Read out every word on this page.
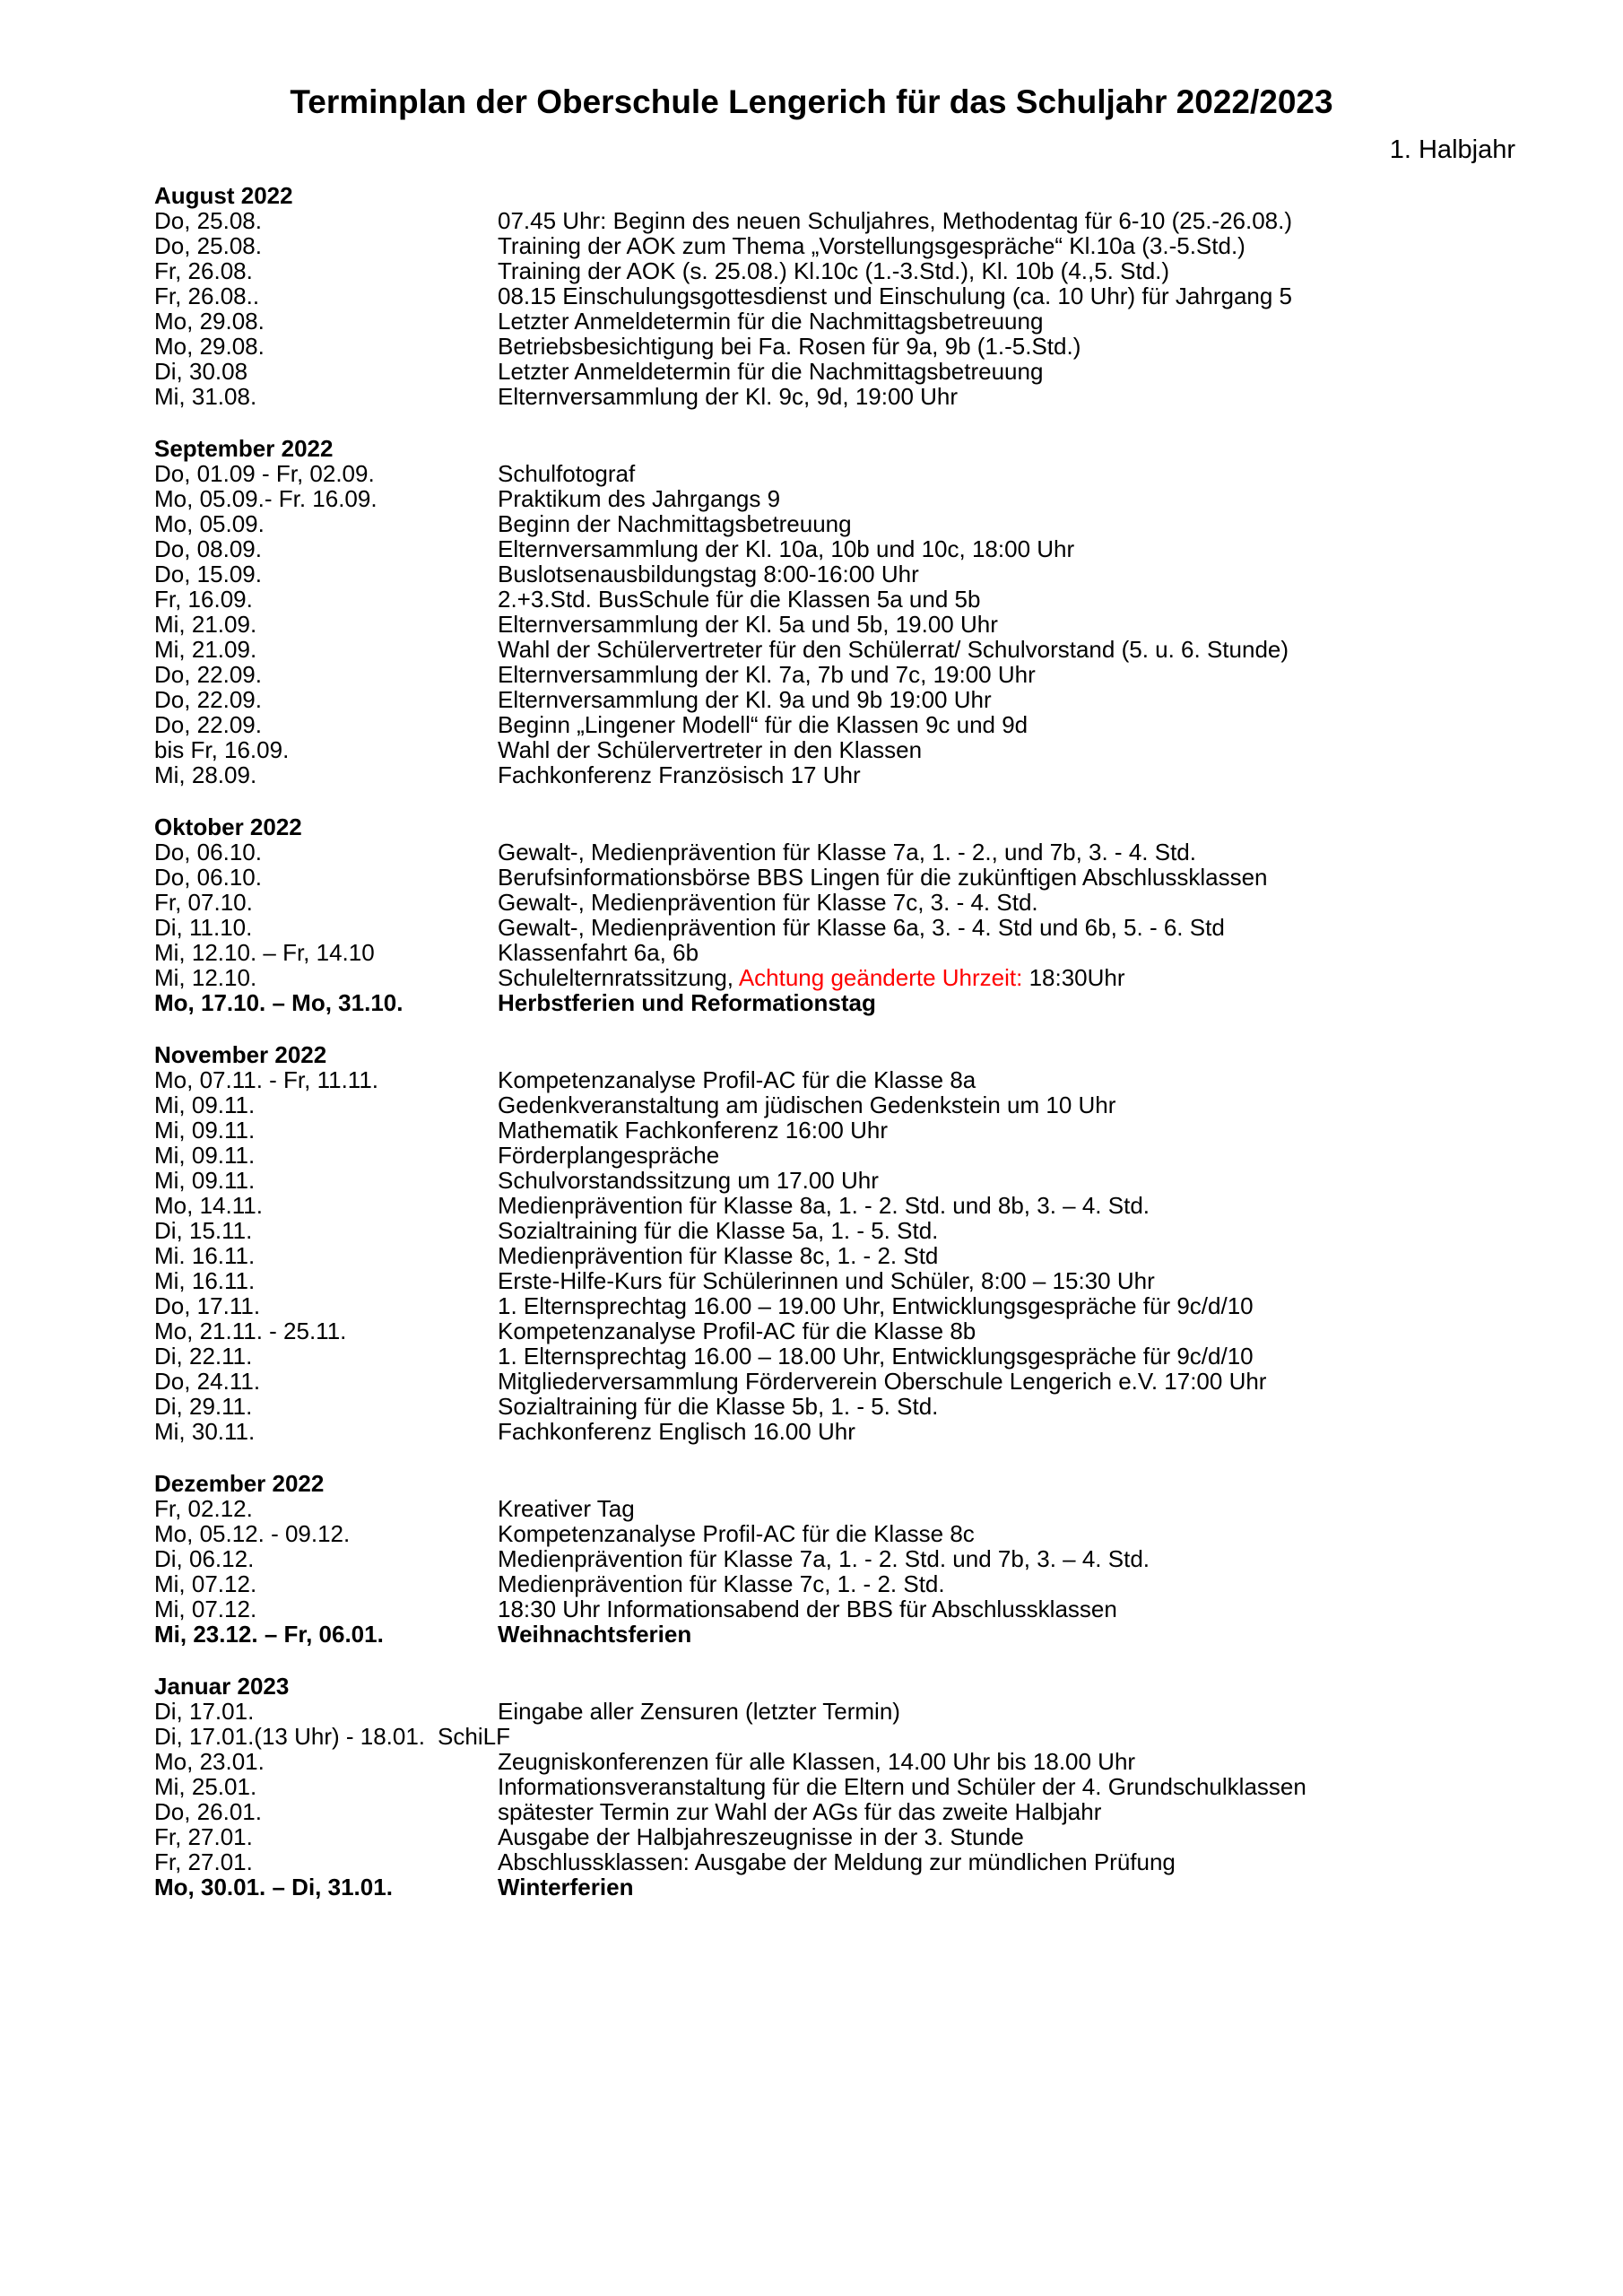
Terminplan der Oberschule Lengerich für das Schuljahr 2022/2023
1. Halbjahr
August 2022
Do, 25.08.	07.45 Uhr: Beginn des neuen Schuljahres, Methodentag für 6-10 (25.-26.08.)
Do, 25.08.	Training der AOK zum Thema „Vorstellungsgespräche“ Kl.10a (3.-5.Std.)
Fr, 26.08.	Training der AOK (s. 25.08.) Kl.10c (1.-3.Std.), Kl. 10b (4.,5. Std.)
Fr, 26.08..	08.15 Einschulungsgottesdienst und Einschulung (ca. 10 Uhr) für Jahrgang 5
Mo, 29.08.	Letzter Anmeldetermin für die Nachmittagsbetreuung
Mo, 29.08.	Betriebsbesichtigung bei Fa. Rosen für 9a, 9b (1.-5.Std.)
Di, 30.08	Letzter Anmeldetermin für die Nachmittagsbetreuung
Mi, 31.08.	Elternversammlung der Kl. 9c, 9d, 19:00 Uhr
September 2022
Do, 01.09 - Fr, 02.09.	Schulfotograf
Mo, 05.09.- Fr. 16.09.	Praktikum des Jahrgangs 9
Mo, 05.09.	Beginn der Nachmittagsbetreuung
Do, 08.09.	Elternversammlung der Kl. 10a, 10b und 10c, 18:00 Uhr
Do, 15.09.	Buslotsenausbildungstag 8:00-16:00 Uhr
Fr, 16.09.	2.+3.Std. BusSchule für die Klassen 5a und 5b
Mi, 21.09.	Elternversammlung der Kl. 5a und 5b, 19.00 Uhr
Mi, 21.09.	Wahl der Schülervertreter für den Schülerrat/ Schulvorstand (5. u. 6. Stunde)
Do, 22.09.	Elternversammlung der Kl. 7a, 7b und 7c, 19:00 Uhr
Do, 22.09.	Elternversammlung der Kl. 9a und 9b 19:00 Uhr
Do, 22.09.	Beginn „Lingener Modell“ für die Klassen 9c und 9d
bis Fr, 16.09.	Wahl der Schülervertreter in den Klassen
Mi, 28.09.	Fachkonferenz Französisch 17 Uhr
Oktober 2022
Do, 06.10.	Gewalt-, Medienprävention für Klasse 7a, 1. - 2., und 7b, 3. - 4. Std.
Do, 06.10.	Berufsinformationsbörse BBS Lingen für die zukünftigen Abschlussklassen
Fr, 07.10.	Gewalt-, Medienprävention für Klasse 7c, 3. - 4. Std.
Di, 11.10.	Gewalt-, Medienprävention für Klasse 6a, 3. - 4. Std und 6b, 5. - 6. Std
Mi, 12.10. – Fr, 14.10	Klassenfahrt 6a, 6b
Mi, 12.10.	Schulelternratssitzung, Achtung geänderte Uhrzeit: 18:30Uhr
Mo, 17.10. – Mo, 31.10.	Herbstferien und Reformationstag
November 2022
Mo, 07.11. - Fr, 11.11.	Kompetenzanalyse Profil-AC für die Klasse 8a
Mi, 09.11.	Gedenkveranstaltung am jüdischen Gedenkstein um 10 Uhr
Mi, 09.11.	Mathematik Fachkonferenz 16:00 Uhr
Mi, 09.11.	Förderplangespräche
Mi, 09.11.	Schulvorstandssitzung um 17.00 Uhr
Mo, 14.11.	Medienprävention für Klasse 8a, 1. - 2. Std. und 8b, 3. – 4. Std.
Di, 15.11.	Sozialtraining für die Klasse 5a, 1. - 5. Std.
Mi. 16.11.	Medienprävention für Klasse 8c, 1. - 2. Std
Mi, 16.11.	Erste-Hilfe-Kurs für Schülerinnen und Schüler, 8:00 – 15:30 Uhr
Do, 17.11.	1. Elternsprechtag 16.00 – 19.00 Uhr, Entwicklungsgespräche für 9c/d/10
Mo, 21.11. - 25.11.	Kompetenzanalyse Profil-AC für die Klasse 8b
Di, 22.11.	1. Elternsprechtag 16.00 – 18.00 Uhr, Entwicklungsgespräche für 9c/d/10
Do, 24.11.	Mitgliederversammlung Förderverein Oberschule Lengerich e.V. 17:00 Uhr
Di, 29.11.	Sozialtraining für die Klasse 5b, 1. - 5. Std.
Mi, 30.11.	Fachkonferenz Englisch 16.00 Uhr
Dezember 2022
Fr, 02.12.	Kreativer Tag
Mo, 05.12. - 09.12.	Kompetenzanalyse Profil-AC für die Klasse 8c
Di, 06.12.	Medienprävention für Klasse 7a, 1. - 2. Std. und 7b, 3. – 4. Std.
Mi, 07.12.	Medienprävention für Klasse 7c, 1. - 2. Std.
Mi, 07.12.	18:30 Uhr Informationsabend der BBS für Abschlussklassen
Mi, 23.12. – Fr, 06.01.	Weihnachtsferien
Januar 2023
Di, 17.01.	Eingabe aller Zensuren (letzter Termin)
Di, 17.01.(13 Uhr) - 18.01. SchiLF
Mo, 23.01.	Zeugniskonferenzen für alle Klassen, 14.00 Uhr bis 18.00 Uhr
Mi, 25.01.	Informationsveranstaltung für die Eltern und Schüler der 4. Grundschulklassen
Do, 26.01.	spätester Termin zur Wahl der AGs für das zweite Halbjahr
Fr, 27.01.	Ausgabe der Halbjahreszeugnisse in der 3. Stunde
Fr, 27.01.	Abschlussklassen: Ausgabe der Meldung zur mündlichen Prüfung
Mo, 30.01. – Di, 31.01.	Winterferien
